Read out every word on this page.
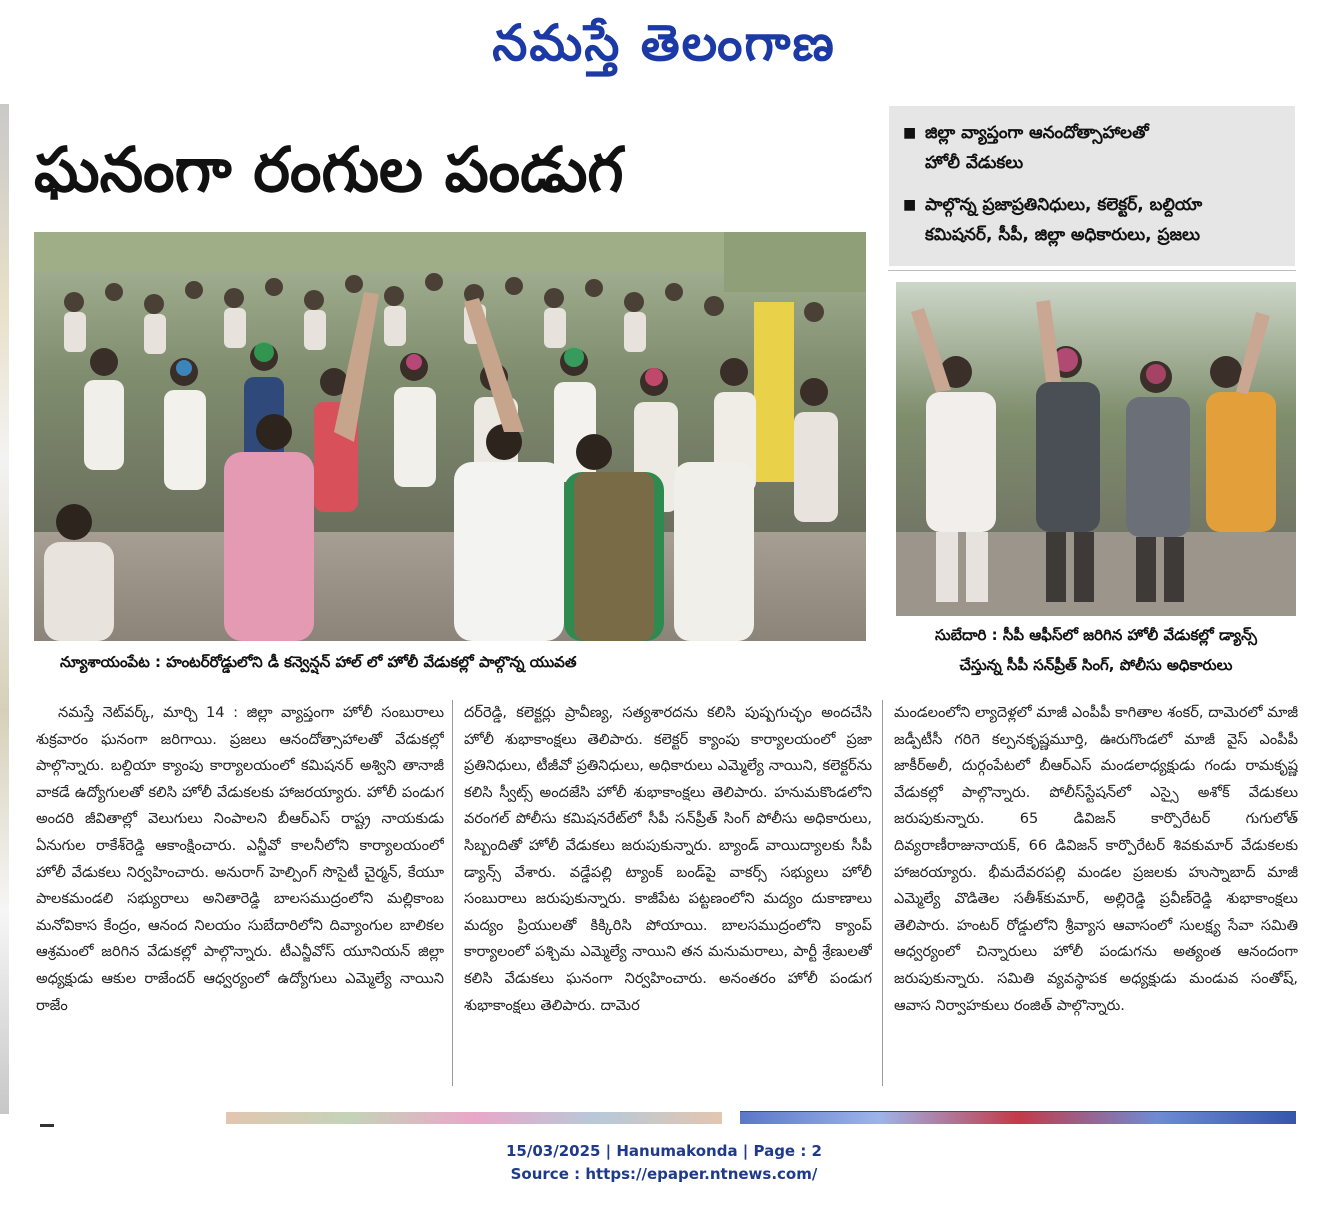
నమస్తే తెలంగాణ
ఘనంగా రంగుల పండుగ	■ జిల్లా వ్యాప్తంగా ఆనందోత్సాహాలతో
హోలీ వేడుకలు
■ పాల్గొన్న ప్రజాప్రతినిధులు, కలెక్టర్, బల్దియా
కమిషనర్, సీపీ, జిల్లా అధికారులు, ప్రజలు
న్యూశాయంపేట : హంటర్‌రోడ్డులోని డీ కన్వెన్షన్ హాల్ లో హోలీ వేడుకల్లో పాల్గొన్న యువత
సుబేదారి : సీపీ ఆఫీస్‌లో జరిగిన హోలీ వేడుకల్లో డ్యాన్స్
చేస్తున్న సీపీ సన్‌ప్రీత్ సింగ్, పోలీసు అధికారులు
నమస్తే నెట్‌వర్క్, మార్చి 14 : జిల్లా వ్యాప్తంగా హోలీ సంబురాలు శుక్రవారం ఘనంగా జరిగాయి. ప్రజలు ఆనందోత్సాహాలతో వేడుకల్లో పాల్గొన్నారు. బల్దియా క్యాంపు కార్యాలయంలో కమిషనర్ అశ్విని తానాజీ వాకడే ఉద్యోగులతో కలిసి హోలీ వేడుకలకు హాజరయ్యారు. హోలీ పండుగ అందరి జీవితాల్లో వెలుగులు నింపాలని బీఆర్ఎస్ రాష్ట్ర నాయకుడు ఏనుగుల రాకేశ్‌రెడ్డి ఆకాంక్షించారు. ఎన్జీవో కాలనీలోని కార్యాలయంలో హోలీ వేడుకలు నిర్వహించారు. అనురాగ్ హెల్పింగ్ సొసైటీ చైర్మన్, కేయూ పాలకమండలి సభ్యురాలు అనితారెడ్డి బాలసముద్రంలోని మల్లికాంబ మనోవికాస కేంద్రం, ఆనంద నిలయం సుబేదారిలోని దివ్యాంగుల బాలికల ఆశ్రమంలో జరిగిన వేడుకల్లో పాల్గొన్నారు. టీఎన్జీవోస్ యూనియన్ జిల్లా అధ్యక్షుడు ఆకుల రాజేందర్ ఆధ్వర్యంలో ఉద్యోగులు ఎమ్మెల్యే నాయిని రాజేం
దర్‌రెడ్డి, కలెక్టర్లు ప్రావీణ్య, సత్యశారదను కలిసి పుష్పగుచ్ఛం అందచేసి హోలీ శుభాకాంక్షలు తెలిపారు. కలెక్టర్ క్యాంపు కార్యాలయంలో ప్రజా ప్రతినిధులు, టీజీవో ప్రతినిధులు, అధికారులు ఎమ్మెల్యే నాయిని, కలెక్టర్‌ను కలిసి స్వీట్స్ అందజేసి హోలీ శుభాకాంక్షలు తెలిపారు. హనుమకొండలోని వరంగల్ పోలీసు కమిషనరేట్‌లో సీపీ సన్‌ప్రీత్ సింగ్ పోలీసు అధికారులు, సిబ్బందితో హోలీ వేడుకలు జరుపుకున్నారు. బ్యాండ్ వాయిద్యాలకు సీపీ డ్యాన్స్ వేశారు. వడ్డేపల్లి ట్యాంక్ బండ్‌పై వాకర్స్ సభ్యులు హోలీ సంబురాలు జరుపుకున్నారు. కాజీపేట పట్టణంలోని మద్యం దుకాణాలు మద్యం ప్రియులతో కిక్కిరిసి పోయాయి. బాలసముద్రంలోని క్యాంప్ కార్యాలంలో పశ్చిమ ఎమ్మెల్యే నాయిని తన మనుమరాలు, పార్టీ శ్రేణులతో కలిసి వేడుకలు ఘనంగా నిర్వహించారు. అనంతరం హోలీ పండుగ శుభాకాంక్షలు తెలిపారు. దామెర
మండలంలోని ల్యాదెళ్లలో మాజీ ఎంపీపీ కాగితాల శంకర్, దామెరలో మాజీ జడ్పీటీసీ గరిగె కల్పనకృష్ణమూర్తి, ఊరుగొండలో మాజీ వైస్ ఎంపీపీ జాకీర్‌అలీ, దుర్గంపేటలో బీఆర్ఎస్ మండలాధ్యక్షుడు గండు రామకృష్ణ వేడుకల్లో పాల్గొన్నారు. పోలీస్‌స్టేషన్‌లో ఎస్సై అశోక్ వేడుకలు జరుపుకున్నారు. 65 డివిజన్ కార్పొరేటర్ గుగులోత్ దివ్యరాణీరాజునాయక్, 66 డివిజన్ కార్పొరేటర్ శివకుమార్ వేడుకలకు హాజరయ్యారు. భీమదేవరపల్లి మండల ప్రజలకు హుస్నాబాద్ మాజీ ఎమ్మెల్యే వొడితెల సతీశ్‌కుమార్, అల్లిరెడ్డి ప్రవీణ్‌రెడ్డి శుభాకాంక్షలు తెలిపారు. హంటర్ రోడ్డులోని శ్రీవ్యాస ఆవాసంలో సులక్ష్య సేవా సమితి ఆధ్వర్యంలో చిన్నారులు హోలీ పండుగను అత్యంత ఆనందంగా జరుపుకున్నారు. సమితి వ్యవస్థాపక అధ్యక్షుడు మండువ సంతోష్, ఆవాస నిర్వాహకులు రంజిత్ పాల్గొన్నారు.
15/03/2025 | Hanumakonda | Page : 2
Source : https://epaper.ntnews.com/
